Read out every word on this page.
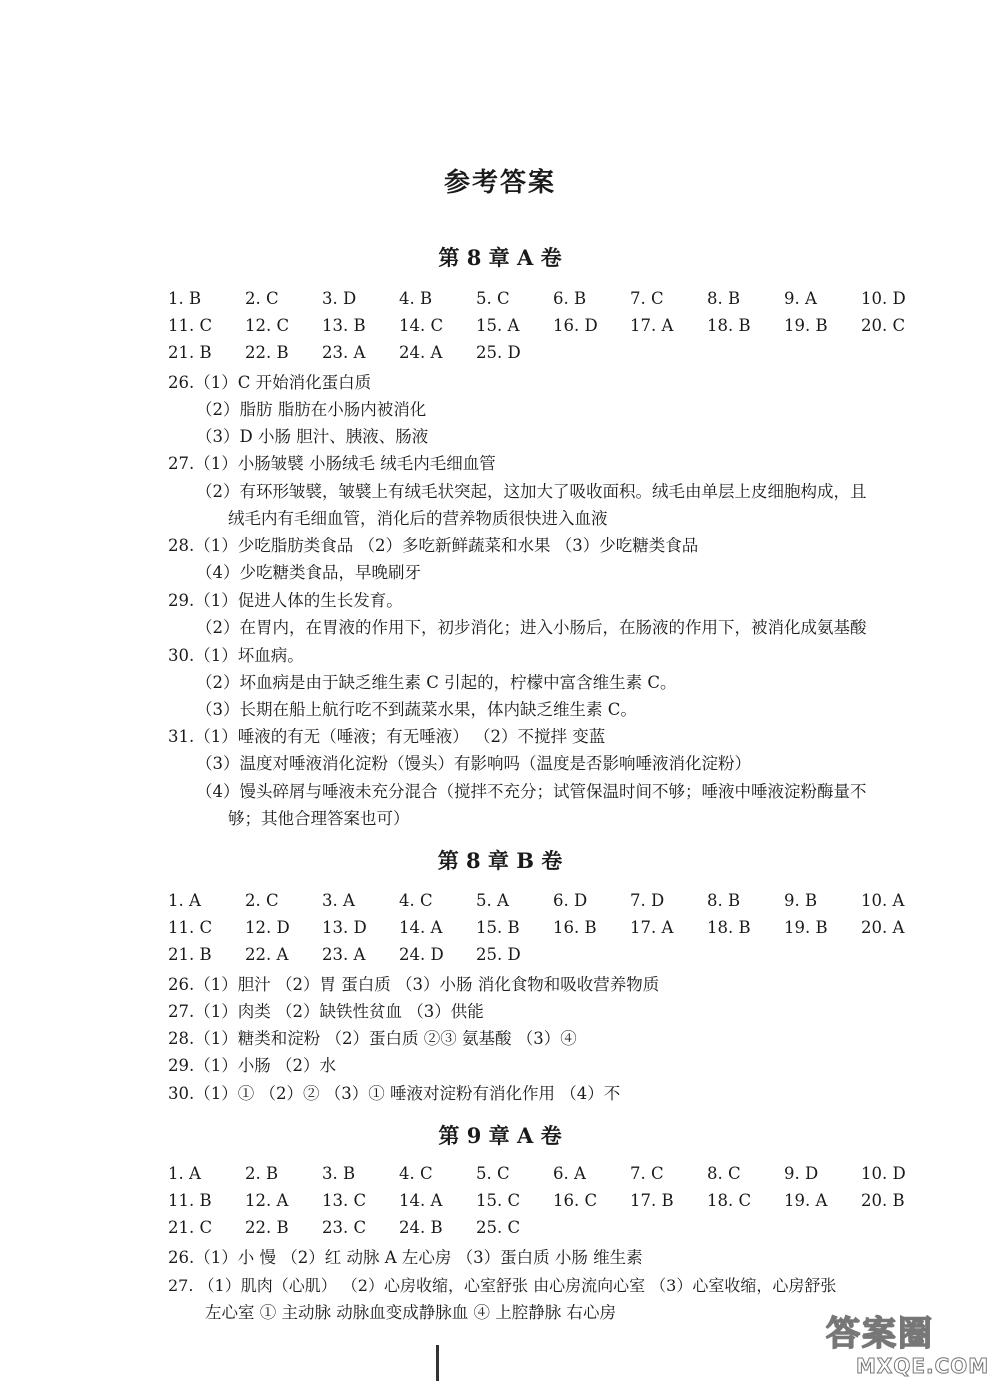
参考答案
第 8 章 A 卷
1. B	2. C	3. D	4. B	5. C	6. B	7. C	8. B	9. A	10. D
11. C 12. C 13. B 14. C 15. A 16. D 17. A 18. B 19. B 20. C
21. B 22. B 23. A 24. A 25. D
26.（1）C 开始消化蛋白质
（2）脂肪 脂肪在小肠内被消化
（3）D 小肠 胆汁、胰液、肠液
27.（1）小肠皱襞 小肠绒毛 绒毛内毛细血管
（2）有环形皱襞，皱襞上有绒毛状突起，这加大了吸收面积。绒毛由单层上皮细胞构成，且
绒毛内有毛细血管，消化后的营养物质很快进入血液
28.（1）少吃脂肪类食品 （2）多吃新鲜蔬菜和水果 （3）少吃糖类食品
（4）少吃糖类食品，早晚刷牙
29.（1）促进人体的生长发育。
（2）在胃内，在胃液的作用下，初步消化；进入小肠后，在肠液的作用下，被消化成氨基酸
30.（1）坏血病。
（2）坏血病是由于缺乏维生素 C 引起的，柠檬中富含维生素 C。
（3）长期在船上航行吃不到蔬菜水果，体内缺乏维生素 C。
31.（1）唾液的有无（唾液；有无唾液） （2）不搅拌 变蓝
（3）温度对唾液消化淀粉（馒头）有影响吗（温度是否影响唾液消化淀粉）
（4）馒头碎屑与唾液未充分混合（搅拌不充分；试管保温时间不够；唾液中唾液淀粉酶量不
够；其他合理答案也可）
第 8 章 B 卷
1. A	2. C	3. A	4. C	5. A	6. D	7. D	8. B	9. B	10. A
11. C 12. D 13. D 14. A 15. B 16. B 17. A 18. B 19. B 20. A
21. B 22. A 23. A 24. D 25. D
26.（1）胆汁 （2）胃 蛋白质 （3）小肠 消化食物和吸收营养物质
27.（1）肉类 （2）缺铁性贫血 （3）供能
28.（1）糖类和淀粉 （2）蛋白质 ②③ 氨基酸 （3）④
29.（1）小肠 （2）水
30.（1）① （2）② （3）① 唾液对淀粉有消化作用 （4）不
第 9 章 A 卷
1. A	2. B	3. B	4. C	5. C	6. A	7. C	8. C	9. D	10. D
11. B 12. A 13. C 14. A 15. C 16. C 17. B 18. C 19. A 20. B
21. C 22. B 23. C 24. B 25. C
26.（1）小 慢 （2）红 动脉 A 左心房 （3）蛋白质 小肠 维生素
27. （1）肌肉（心肌） （2）心房收缩，心室舒张 由心房流向心室 （3）心室收缩，心房舒张
左心室 ① 主动脉 动脉血变成静脉血 ④ 上腔静脉 右心房
答案圈
MXQE.COM
